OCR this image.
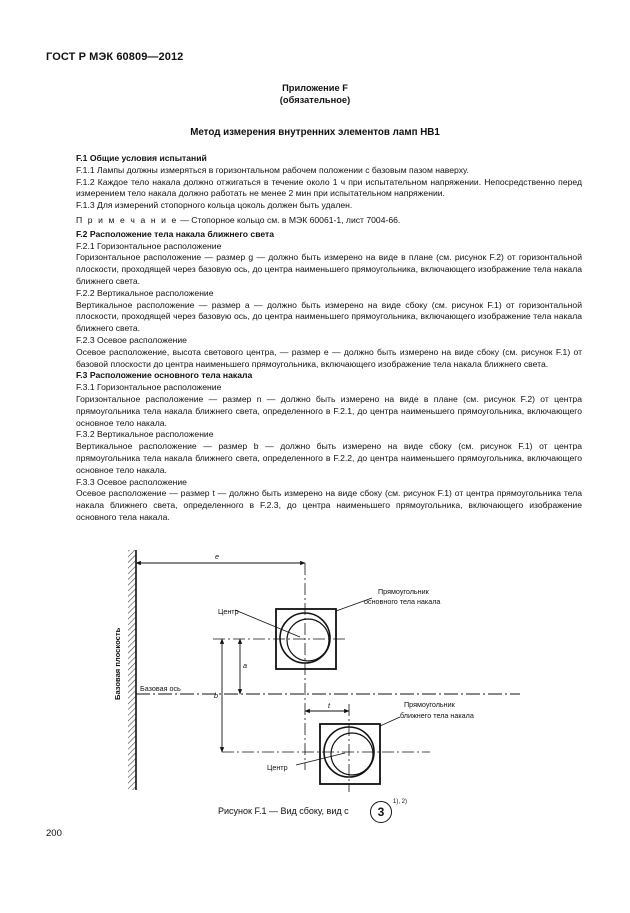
ГОСТ Р МЭК 60809—2012
Приложение F
(обязательное)
Метод измерения внутренних элементов ламп HB1

F.1 Общие условия испытаний

F.1.1 Лампы должны измеряться в горизонтальном рабочем положении с базовым пазом наверху.

F.1.2 Каждое тело накала должно отжигаться в течение около 1 ч при испытательном напряжении. Непосредственно перед измерением тело накала должно работать не менее 2 мин при испытательном напряжении.

F.1.3 Для измерений стопорного кольца цоколь должен быть удален.

П р и м е ч а н и е — Стопорное кольцо см. в МЭК 60061-1, лист 7004-66.

F.2 Расположение тела накала ближнего света

F.2.1 Горизонтальное расположение

Горизонтальное расположение — размер g — должно быть измерено на виде в плане (см. рисунок F.2) от горизонтальной плоскости, проходящей через базовую ось, до центра наименьшего прямоугольника, включающего изображение тела накала ближнего света.

F.2.2 Вертикальное расположение

Вертикальное расположение — размер a — должно быть измерено на виде сбоку (см. рисунок F.1) от горизонтальной плоскости, проходящей через базовую ось, до центра наименьшего прямоугольника, включающего изображение тела накала ближнего света.

F.2.3 Осевое расположение

Осевое расположение, высота светового центра, — размер e — должно быть измерено на виде сбоку (см. рисунок F.1) от базовой плоскости до центра наименьшего прямоугольника, включающего изображение тела накала ближнего света.

F.3 Расположение основного тела накала

F.3.1 Горизонтальное расположение

Горизонтальное расположение — размер n — должно быть измерено на виде в плане (см. рисунок F.2) от центра прямоугольника тела накала ближнего света, определенного в F.2.1, до центра наименьшего прямоугольника, включающего основное тело накала.

F.3.2 Вертикальное расположение

Вертикальное расположение — размер b — должно быть измерено на виде сбоку (см. рисунок F.1) от центра прямоугольника тела накала ближнего света, определенного в F.2.2, до центра наименьшего прямоугольника, включающего основное тело накала.

F.3.3 Осевое расположение

Осевое расположение — размер t — должно быть измерено на виде сбоку (см. рисунок F.1) от центра прямоугольника тела накала ближнего света, определенного в F.2.3, до центра наименьшего прямоугольника, включающего изображение основного тела накала.

Базовая плоскость
e
Базовая ось
Центр
Прямоугольник
основного тела накала
a
b
t	Прямоугольник
ближнего тела накала
Центр
Рисунок F.1 — Вид сбоку, вид с	3
1), 2)
200
